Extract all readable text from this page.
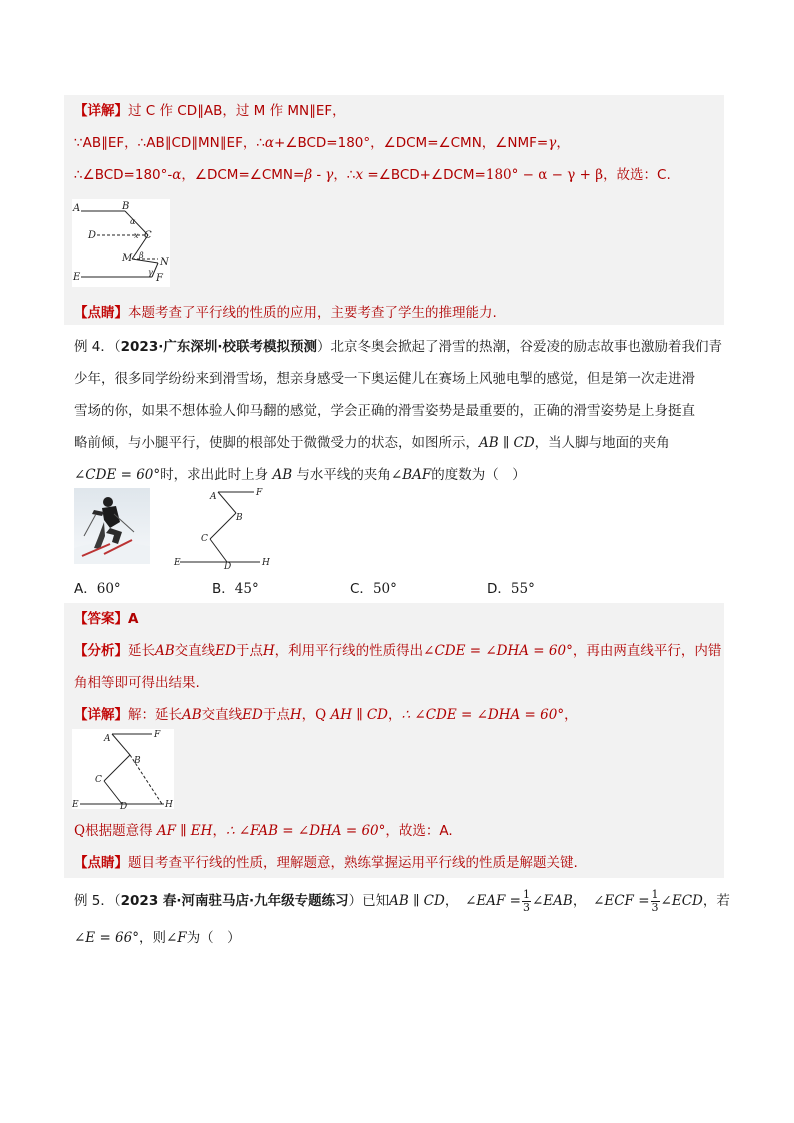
【详解】过 C 作 CD∥AB，过 M 作 MN∥EF，
∵AB∥EF，∴AB∥CD∥MN∥EF，∴α+∠BCD=180°，∠DCM=∠CMN，∠NMF=γ，
∴∠BCD=180°-α，∠DCM=∠CMN=β - γ，∴x =∠BCD+∠DCM=180° − α − γ + β，故选：C.
A	B
D	C
M	N
E	F
α
x
β
γ
【点睛】本题考查了平行线的性质的应用，主要考查了学生的推理能力.
例 4．（2023·广东深圳·校联考模拟预测）北京冬奥会掀起了滑雪的热潮，谷爱凌的励志故事也激励着我们青
少年，很多同学纷纷来到滑雪场，想亲身感受一下奥运健儿在赛场上风驰电掣的感觉，但是第一次走进滑
雪场的你，如果不想体验人仰马翻的感觉，学会正确的滑雪姿势是最重要的，正确的滑雪姿势是上身挺直
略前倾，与小腿平行，使脚的根部处于微微受力的状态，如图所示，AB ∥ CD，当人脚与地面的夹角
∠CDE = 60°时，求出此时上身 AB 与水平线的夹角∠BAF的度数为（　）
A	F
B
C
E	D	H
A．60°	B．45°	C．50°	D．55°
【答案】A
【分析】延长AB交直线ED于点H，利用平行线的性质得出∠CDE = ∠DHA = 60°，再由两直线平行，内错
角相等即可得出结果.
【详解】解：延长AB交直线ED于点H，Q AH ∥ CD，∴ ∠CDE = ∠DHA = 60°，
A	F
B
C
E	D	H
Q根据题意得 AF ∥ EH，∴ ∠FAB = ∠DHA = 60°，故选：A.
【点睛】题目考查平行线的性质，理解题意，熟练掌握运用平行线的性质是解题关键.
例 5．（2023 春·河南驻马店·九年级专题练习）已知AB ∥ CD，　∠EAF = $\frac{1}{3}$ ∠EAB，　∠ECF = $\frac{1}{3}$ ∠ECD，若
∠E = 66°，则∠F为（　）
